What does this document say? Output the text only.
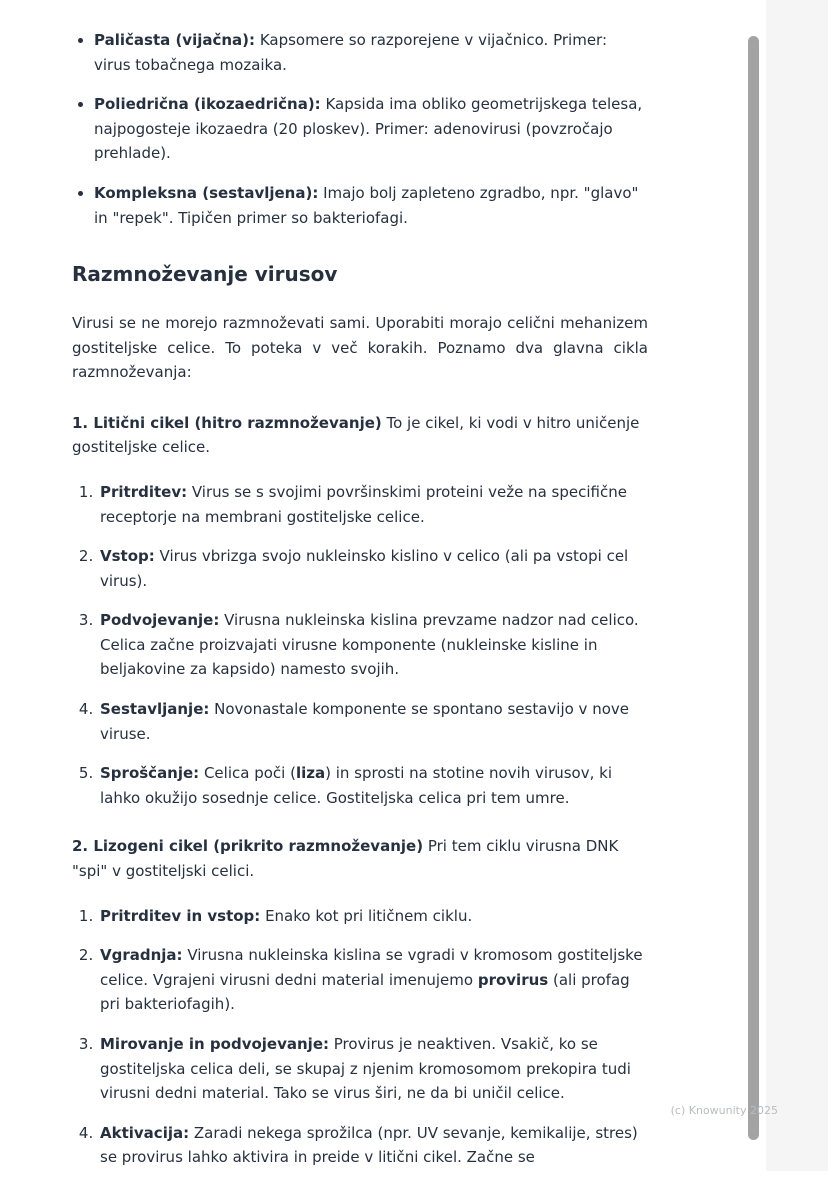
• Paličasta (vijačna): Kapsomere so razporejene v vijačnico. Primer: virus tobačnega mozaika.
• Poliedrična (ikozaedrična): Kapsida ima obliko geometrijskega telesa, najpogosteje ikozaedra (20 ploskev). Primer: adenovirusi (povzročajo prehlade).
• Kompleksna (sestavljena): Imajo bolj zapleteno zgradbo, npr. "glavo" in "repek". Tipičen primer so bakteriofagi.
Razmnoževanje virusov

Virusi se ne morejo razmnoževati sami. Uporabiti morajo celični mehanizem gostiteljske celice. To poteka v več korakih. Poznamo dva glavna cikla razmnoževanja:

1. Litični cikel (hitro razmnoževanje) To je cikel, ki vodi v hitro uničenje gostiteljske celice.

1. Pritrditev: Virus se s svojimi površinskimi proteini veže na specifične receptorje na membrani gostiteljske celice.
2. Vstop: Virus vbrizga svojo nukleinsko kislino v celico (ali pa vstopi cel virus).
3. Podvojevanje: Virusna nukleinska kislina prevzame nadzor nad celico. Celica začne proizvajati virusne komponente (nukleinske kisline in beljakovine za kapsido) namesto svojih.
4. Sestavljanje: Novonastale komponente se spontano sestavijo v nove viruse.
5. Sproščanje: Celica poči (liza) in sprosti na stotine novih virusov, ki lahko okužijo sosednje celice. Gostiteljska celica pri tem umre.

2. Lizogeni cikel (prikrito razmnoževanje) Pri tem ciklu virusna DNK "spi" v gostiteljski celici.

1. Pritrditev in vstop: Enako kot pri litičnem ciklu.
2. Vgradnja: Virusna nukleinska kislina se vgradi v kromosom gostiteljske celice. Vgrajeni virusni dedni material imenujemo provirus (ali profag pri bakteriofagih).
3. Mirovanje in podvojevanje: Provirus je neaktiven. Vsakič, ko se gostiteljska celica deli, se skupaj z njenim kromosomom prekopira tudi virusni dedni material. Tako se virus širi, ne da bi uničil celice.
4. Aktivacija: Zaradi nekega sprožilca (npr. UV sevanje, kemikalije, stres) se provirus lahko aktivira in preide v litični cikel. Začne se
(c) Knowunity 2025
